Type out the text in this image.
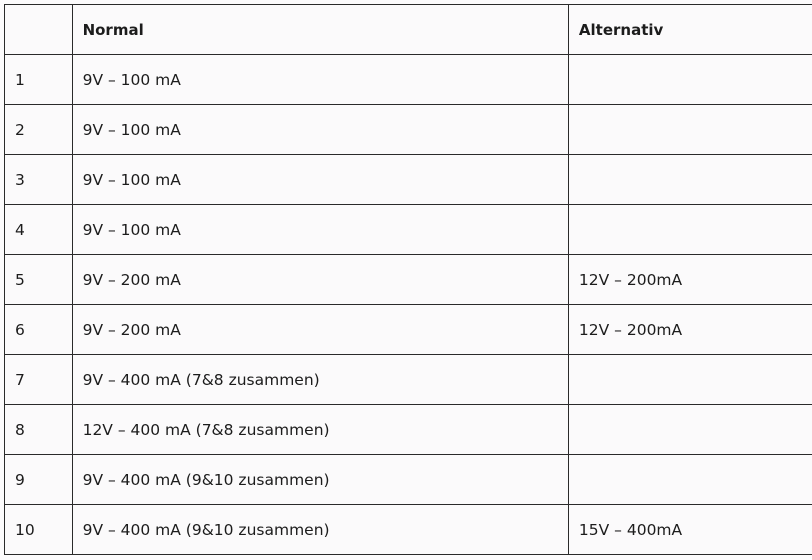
	Normal	Alternativ
1	9V – 100 mA	
2	9V – 100 mA	
3	9V – 100 mA	
4	9V – 100 mA	
5	9V – 200 mA	12V – 200mA
6	9V – 200 mA	12V – 200mA
7	9V – 400 mA (7&8 zusammen)	
8	12V – 400 mA (7&8 zusammen)	
9	9V – 400 mA (9&10 zusammen)	
10	9V – 400 mA (9&10 zusammen)	15V – 400mA
